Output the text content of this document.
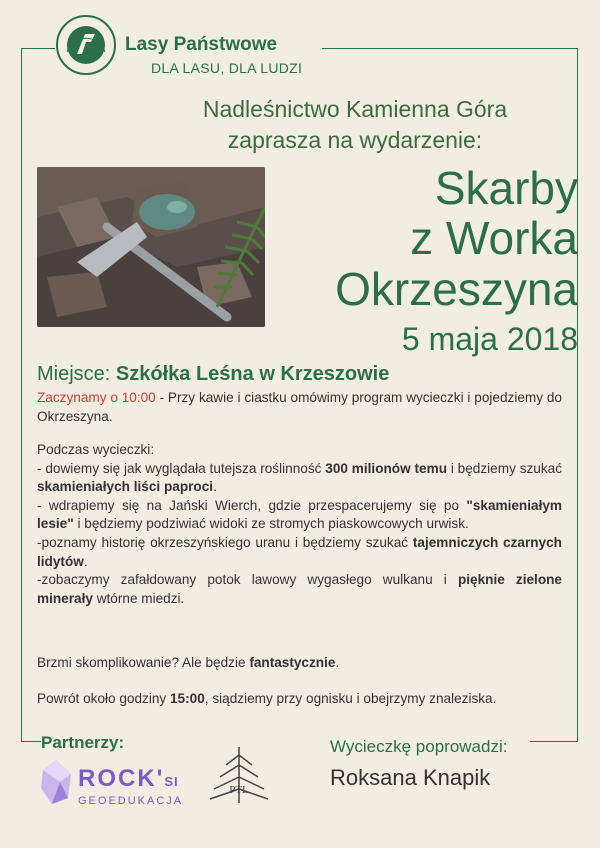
Lasy Państwowe
DLA LASU, DLA LUDZI
Nadleśnictwo Kamienna Góra
zaprasza na wydarzenie:
Skarby
z Worka
Okrzeszyna
5 maja 2018
Miejsce: Szkółka Leśna w Krzeszowie
Zaczynamy o 10:00 - Przy kawie i ciastku omówimy program wycieczki i pojedziemy do Okrzeszyna.
Podczas wycieczki:
- dowiemy się jak wyglądała tutejsza roślinność 300 milionów temu i będziemy szukać skamieniałych liści paproci.
- wdrapiemy się na Jański Wierch, gdzie przespacerujemy się po "skamieniałym lesie" i będziemy podziwiać widoki ze stromych piaskowcowych urwisk.
-poznamy historię okrzeszyńskiego uranu i będziemy szukać tajemniczych czarnych lidytów.
-zobaczymy zafałdowany potok lawowy wygasłego wulkanu i pięknie zielone minerały wtórne miedzi.
Brzmi skomplikowanie? Ale będzie fantastycznie.
Powrót około godziny 15:00, siądziemy przy ognisku i obejrzymy znaleziska.
Partnerzy:
ROCK'SI
GEOEDUKACJA
PTL
Wycieczkę poprowadzi:
Roksana Knapik
